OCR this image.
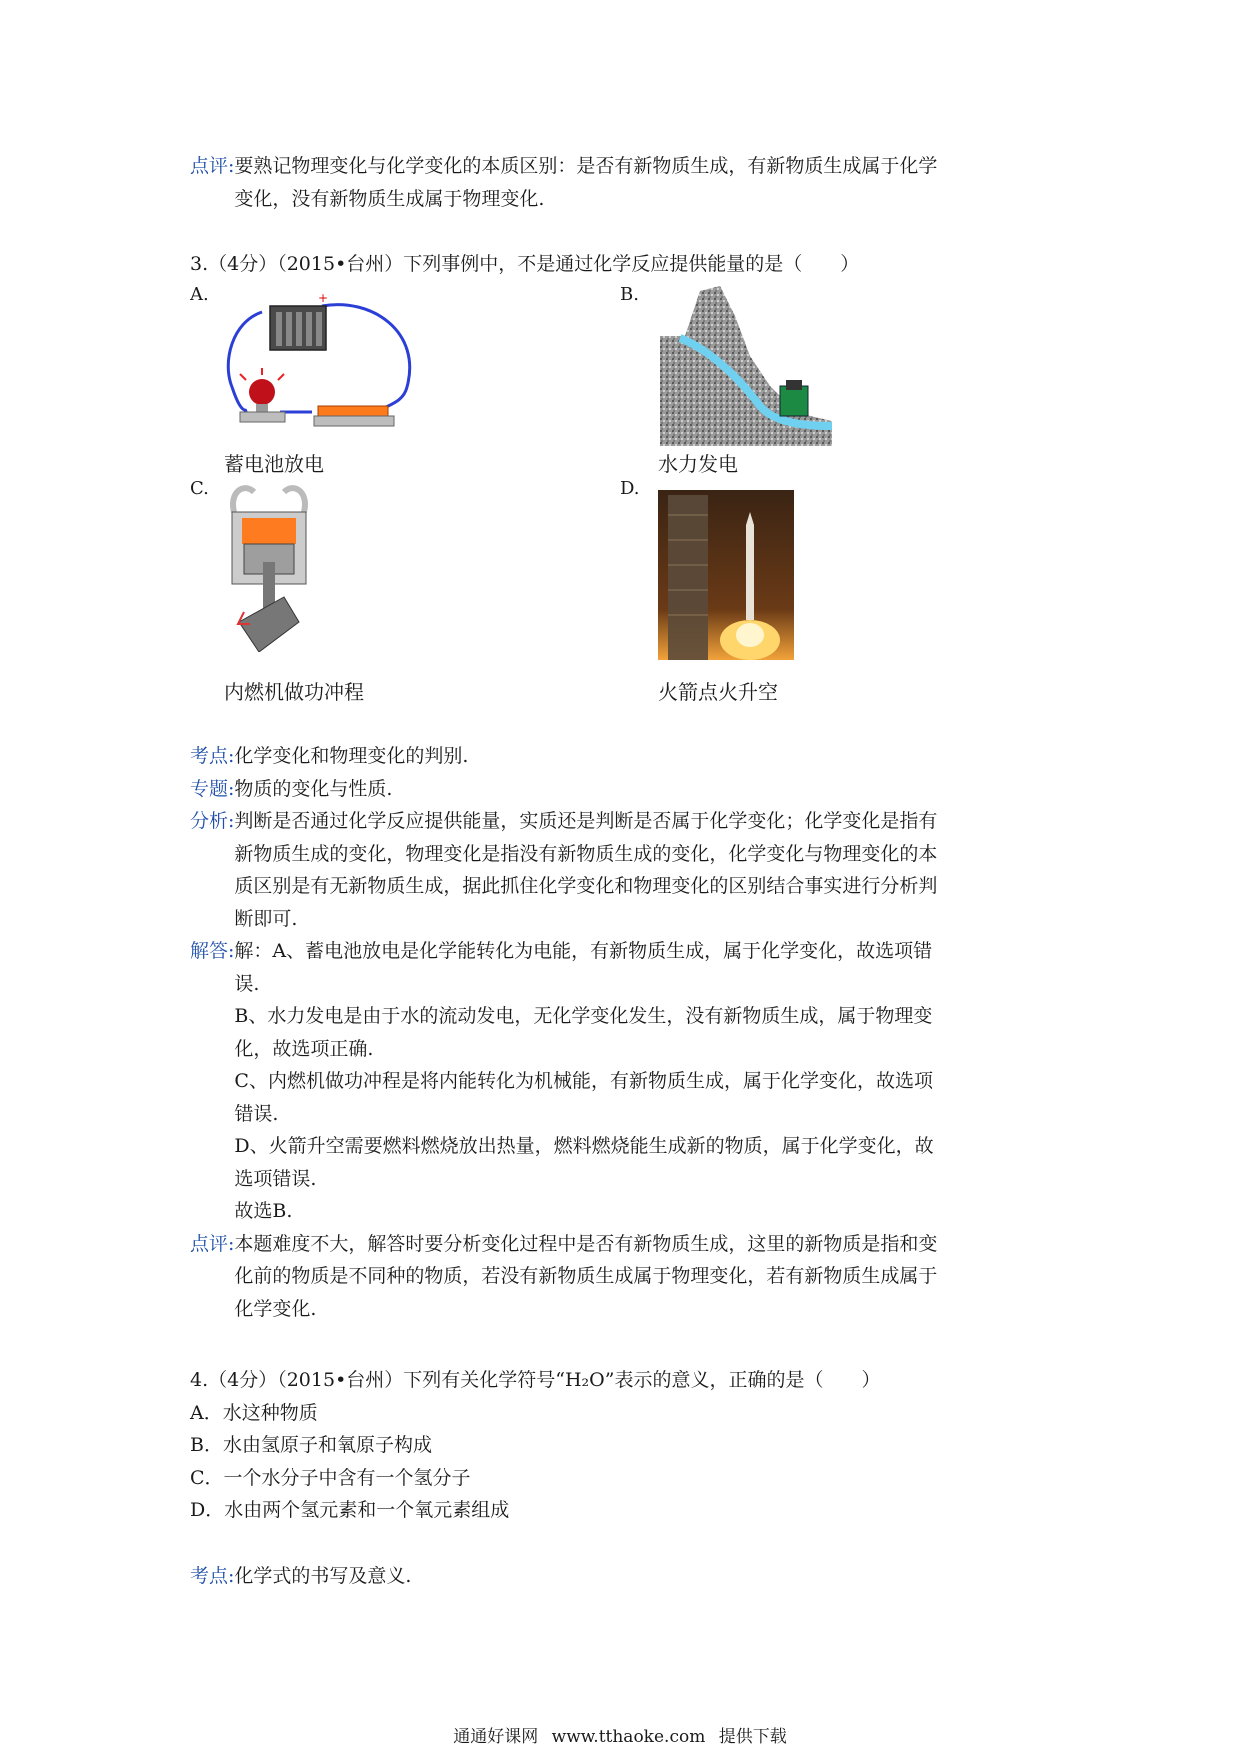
点评: 要熟记物理变化与化学变化的本质区别：是否有新物质生成，有新物质生成属于化学
变化，没有新物质生成属于物理变化.
3.（4分）（2015•台州）下列事例中，不是通过化学反应提供能量的是（　　）
A.	B.
C.	D.
+
蓄电池放电	水力发电
内燃机做功冲程	火箭点火升空
考点: 化学变化和物理变化的判别.
专题: 物质的变化与性质.
分析: 判断是否通过化学反应提供能量，实质还是判断是否属于化学变化；化学变化是指有
新物质生成的变化，物理变化是指没有新物质生成的变化，化学变化与物理变化的本
质区别是有无新物质生成，据此抓住化学变化和物理变化的区别结合事实进行分析判
断即可.
解答: 解：A、蓄电池放电是化学能转化为电能，有新物质生成，属于化学变化，故选项错
误.
B、水力发电是由于水的流动发电，无化学变化发生，没有新物质生成，属于物理变
化，故选项正确.
C、内燃机做功冲程是将内能转化为机械能，有新物质生成，属于化学变化，故选项
错误.
D、火箭升空需要燃料燃烧放出热量，燃料燃烧能生成新的物质，属于化学变化，故
选项错误.
故选B.
点评: 本题难度不大，解答时要分析变化过程中是否有新物质生成，这里的新物质是指和变
化前的物质是不同种的物质，若没有新物质生成属于物理变化，若有新物质生成属于
化学变化.
4.（4分）（2015•台州）下列有关化学符号“H₂O”表示的意义，正确的是（　　）
A．水这种物质
B．水由氢原子和氧原子构成
C．一个水分子中含有一个氢分子
D．水由两个氢元素和一个氧元素组成
考点: 化学式的书写及意义.
通通好课网 www.tthaoke.com 提供下载
